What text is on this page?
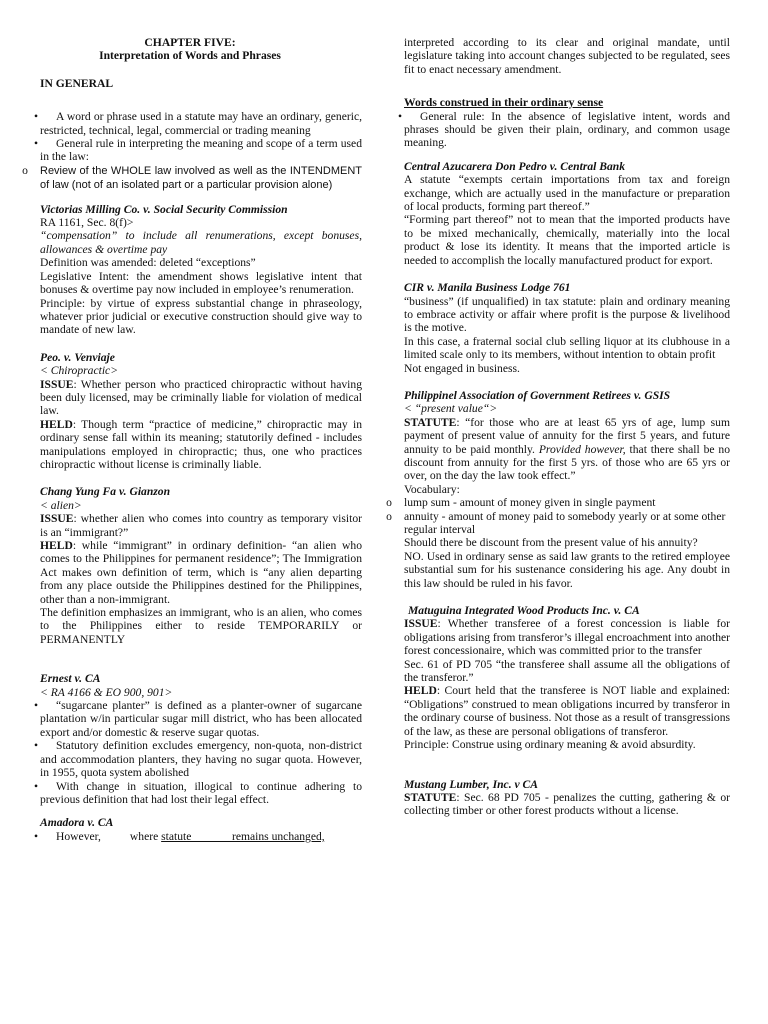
CHAPTER FIVE:
Interpretation of Words and Phrases
IN GENERAL
• A word or phrase used in a statute may have an ordinary, generic, restricted, technical, legal, commercial or trading meaning
• General rule in interpreting the meaning and scope of a term used in the law:
o	Review of the WHOLE law involved as well as the INTENDMENT of law (not of an isolated part or a particular provision alone)
Victorias Milling Co. v. Social Security Commission
RA 1161, Sec. 8(f)>
“compensation” to include all renumerations, except bonuses, allowances & overtime pay
Definition was amended: deleted “exceptions”
Legislative Intent: the amendment shows legislative intent that bonuses & overtime pay now included in employee’s renumeration.
Principle: by virtue of express substantial change in phraseology, whatever prior judicial or executive construction should give way to mandate of new law.
Peo. v. Venviaje
< Chiropractic>
ISSUE: Whether person who practiced chiropractic without having been duly licensed, may be criminally liable for violation of medical law.
HELD: Though term “practice of medicine,” chiropractic may in ordinary sense fall within its meaning; statutorily defined - includes manipulations employed in chiropractic; thus, one who practices chiropractic without license is criminally liable.
Chang Yung Fa v. Gianzon
< alien>
ISSUE: whether alien who comes into country as temporary visitor is an “immigrant?”
HELD: while “immigrant” in ordinary definition- “an alien who comes to the Philippines for permanent residence”; The Immigration Act makes own definition of term, which is “any alien departing from any place outside the Philippines destined for the Philippines, other than a non-immigrant.
The definition emphasizes an immigrant, who is an alien, who comes to the Philippines either to reside TEMPORARILY or PERMANENTLY
Ernest v. CA
< RA 4166 & EO 900, 901>
• “sugarcane planter” is defined as a planter-owner of sugarcane plantation w/in particular sugar mill district, who has been allocated export and/or domestic & reserve sugar quotas.
• Statutory definition excludes emergency, non-quota, non-district and accommodation planters, they having no sugar quota. However, in 1955, quota system abolished
• With change in situation, illogical to continue adhering to previous definition that had lost their legal effect.
Amadora v. CA
• However,          where statute              remains unchanged,
interpreted according to its clear and original mandate, until legislature taking into account changes subjected to be regulated, sees fit to enact necessary amendment.
Words construed in their ordinary sense
• General rule: In the absence of legislative intent, words and phrases should be given their plain, ordinary, and common usage meaning.
Central Azucarera Don Pedro v. Central Bank
A statute “exempts certain importations from tax and foreign exchange, which are actually used in the manufacture or preparation of local products, forming part thereof.”
“Forming part thereof” not to mean that the imported products have to be mixed mechanically, chemically, materially into the local product & lose its identity. It means that the imported article is needed to accomplish the locally manufactured product for export.
CIR v. Manila Business Lodge 761
“business” (if unqualified) in tax statute: plain and ordinary meaning to embrace activity or affair where profit is the purpose & livelihood is the motive.
In this case, a fraternal social club selling liquor at its clubhouse in a limited scale only to its members, without intention to obtain profit
Not engaged in business.
Philippinel Association of Government Retirees v. GSIS
< “present value“>
STATUTE: “for those who are at least 65 yrs of age, lump sum payment of present value of annuity for the first 5 years, and future annuity to be paid monthly. Provided however, that there shall be no discount from annuity for the first 5 yrs. of those who are 65 yrs or over, on the day the law took effect.”
Vocabulary:
o	lump sum - amount of money given in single payment
o	annuity - amount of money paid to somebody yearly or at some other regular interval
Should there be discount from the present value of his annuity?
NO. Used in ordinary sense as said law grants to the retired employee substantial sum for his sustenance considering his age. Any doubt in this law should be ruled in his favor.
Matuguina Integrated Wood Products Inc. v. CA
ISSUE: Whether transferee of a forest concession is liable for obligations arising from transferor’s illegal encroachment into another forest concessionaire, which was committed prior to the transfer
Sec. 61 of PD 705 “the transferee shall assume all the obligations of the transferor.”
HELD: Court held that the transferee is NOT liable and explained: “Obligations” construed to mean obligations incurred by transferor in the ordinary course of business. Not those as a result of transgressions of the law, as these are personal obligations of transferor.
Principle: Construe using ordinary meaning & avoid absurdity.
Mustang Lumber, Inc. v CA
STATUTE: Sec. 68 PD 705 - penalizes the cutting, gathering & or collecting timber or other forest products without a license.
